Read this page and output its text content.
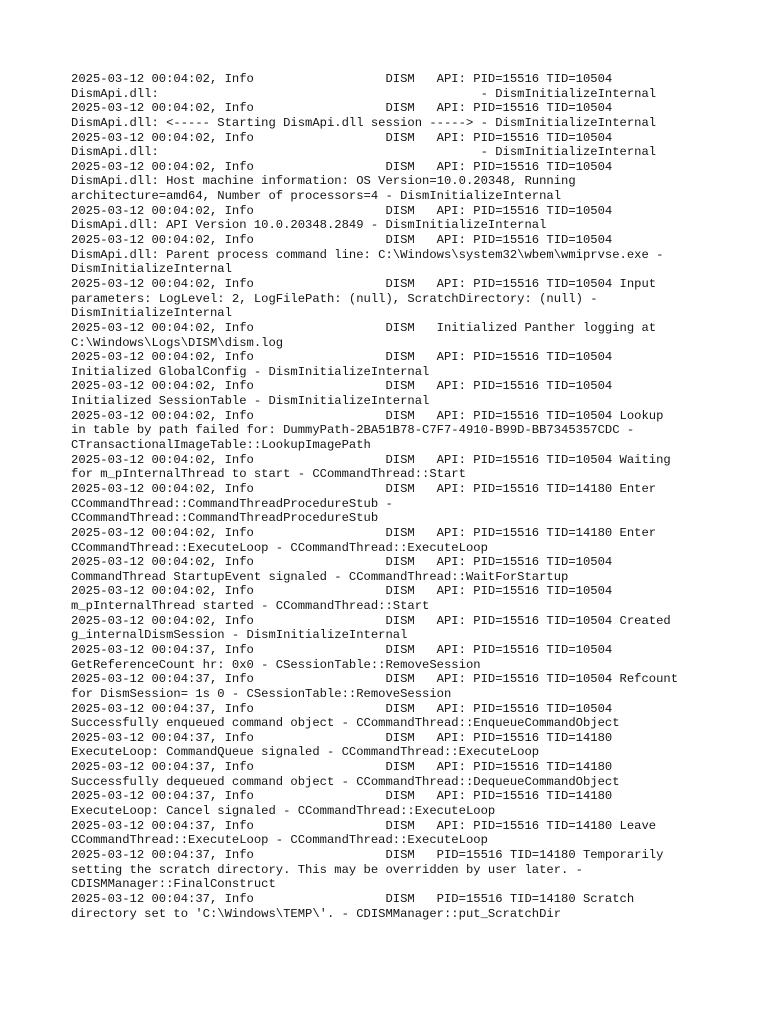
2025-03-12 00:04:02, Info                  DISM   API: PID=15516 TID=10504
DismApi.dll:                                            - DismInitializeInternal
2025-03-12 00:04:02, Info                  DISM   API: PID=15516 TID=10504
DismApi.dll: <----- Starting DismApi.dll session -----> - DismInitializeInternal
2025-03-12 00:04:02, Info                  DISM   API: PID=15516 TID=10504
DismApi.dll:                                            - DismInitializeInternal
2025-03-12 00:04:02, Info                  DISM   API: PID=15516 TID=10504
DismApi.dll: Host machine information: OS Version=10.0.20348, Running
architecture=amd64, Number of processors=4 - DismInitializeInternal
2025-03-12 00:04:02, Info                  DISM   API: PID=15516 TID=10504
DismApi.dll: API Version 10.0.20348.2849 - DismInitializeInternal
2025-03-12 00:04:02, Info                  DISM   API: PID=15516 TID=10504
DismApi.dll: Parent process command line: C:\Windows\system32\wbem\wmiprvse.exe -
DismInitializeInternal
2025-03-12 00:04:02, Info                  DISM   API: PID=15516 TID=10504 Input
parameters: LogLevel: 2, LogFilePath: (null), ScratchDirectory: (null) -
DismInitializeInternal
2025-03-12 00:04:02, Info                  DISM   Initialized Panther logging at
C:\Windows\Logs\DISM\dism.log
2025-03-12 00:04:02, Info                  DISM   API: PID=15516 TID=10504
Initialized GlobalConfig - DismInitializeInternal
2025-03-12 00:04:02, Info                  DISM   API: PID=15516 TID=10504
Initialized SessionTable - DismInitializeInternal
2025-03-12 00:04:02, Info                  DISM   API: PID=15516 TID=10504 Lookup
in table by path failed for: DummyPath-2BA51B78-C7F7-4910-B99D-BB7345357CDC -
CTransactionalImageTable::LookupImagePath
2025-03-12 00:04:02, Info                  DISM   API: PID=15516 TID=10504 Waiting
for m_pInternalThread to start - CCommandThread::Start
2025-03-12 00:04:02, Info                  DISM   API: PID=15516 TID=14180 Enter
CCommandThread::CommandThreadProcedureStub -
CCommandThread::CommandThreadProcedureStub
2025-03-12 00:04:02, Info                  DISM   API: PID=15516 TID=14180 Enter
CCommandThread::ExecuteLoop - CCommandThread::ExecuteLoop
2025-03-12 00:04:02, Info                  DISM   API: PID=15516 TID=10504
CommandThread StartupEvent signaled - CCommandThread::WaitForStartup
2025-03-12 00:04:02, Info                  DISM   API: PID=15516 TID=10504
m_pInternalThread started - CCommandThread::Start
2025-03-12 00:04:02, Info                  DISM   API: PID=15516 TID=10504 Created
g_internalDismSession - DismInitializeInternal
2025-03-12 00:04:37, Info                  DISM   API: PID=15516 TID=10504
GetReferenceCount hr: 0x0 - CSessionTable::RemoveSession
2025-03-12 00:04:37, Info                  DISM   API: PID=15516 TID=10504 Refcount
for DismSession= 1s 0 - CSessionTable::RemoveSession
2025-03-12 00:04:37, Info                  DISM   API: PID=15516 TID=10504
Successfully enqueued command object - CCommandThread::EnqueueCommandObject
2025-03-12 00:04:37, Info                  DISM   API: PID=15516 TID=14180
ExecuteLoop: CommandQueue signaled - CCommandThread::ExecuteLoop
2025-03-12 00:04:37, Info                  DISM   API: PID=15516 TID=14180
Successfully dequeued command object - CCommandThread::DequeueCommandObject
2025-03-12 00:04:37, Info                  DISM   API: PID=15516 TID=14180
ExecuteLoop: Cancel signaled - CCommandThread::ExecuteLoop
2025-03-12 00:04:37, Info                  DISM   API: PID=15516 TID=14180 Leave
CCommandThread::ExecuteLoop - CCommandThread::ExecuteLoop
2025-03-12 00:04:37, Info                  DISM   PID=15516 TID=14180 Temporarily
setting the scratch directory. This may be overridden by user later. -
CDISMManager::FinalConstruct
2025-03-12 00:04:37, Info                  DISM   PID=15516 TID=14180 Scratch
directory set to 'C:\Windows\TEMP\'. - CDISMManager::put_ScratchDir
